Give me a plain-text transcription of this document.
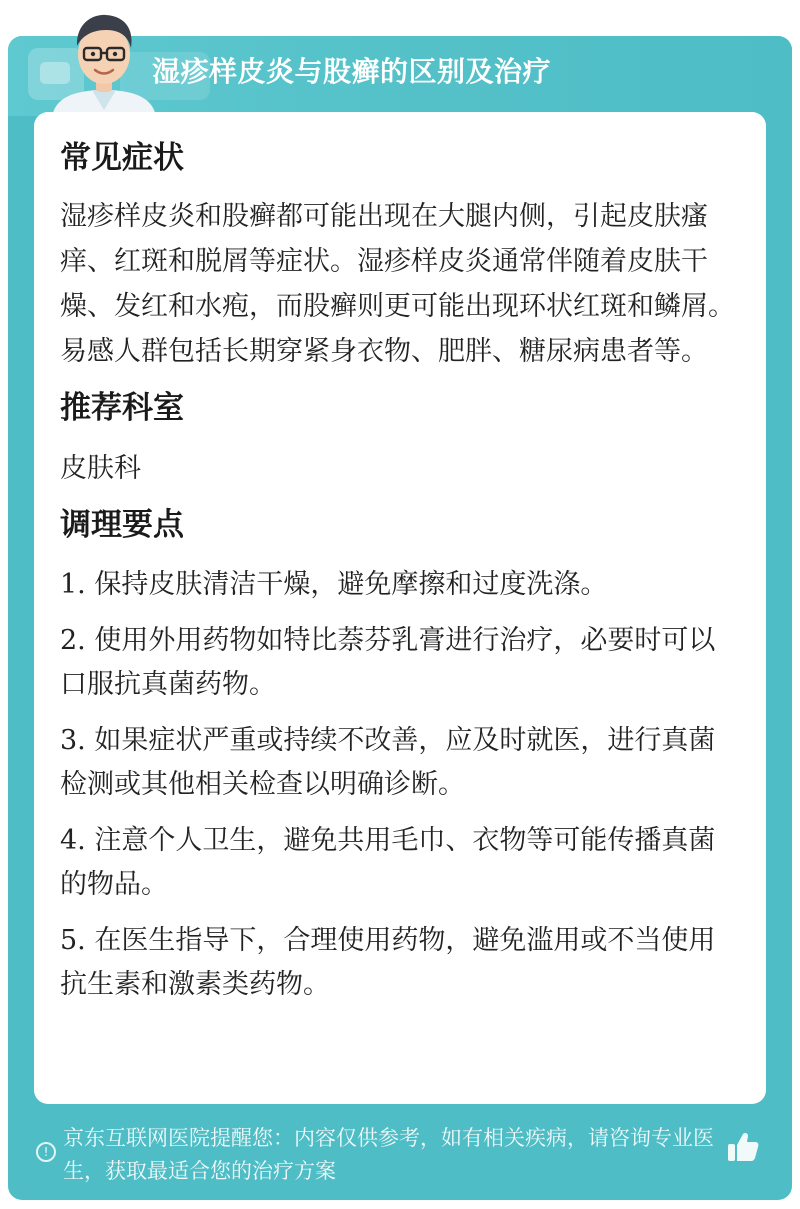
湿疹样皮炎与股癣的区别及治疗
常见症状
湿疹样皮炎和股癣都可能出现在大腿内侧，引起皮肤瘙痒、红斑和脱屑等症状。湿疹样皮炎通常伴随着皮肤干燥、发红和水疱，而股癣则更可能出现环状红斑和鳞屑。易感人群包括长期穿紧身衣物、肥胖、糖尿病患者等。
推荐科室
皮肤科
调理要点
1. 保持皮肤清洁干燥，避免摩擦和过度洗涤。
2. 使用外用药物如特比萘芬乳膏进行治疗，必要时可以口服抗真菌药物。
3. 如果症状严重或持续不改善，应及时就医，进行真菌检测或其他相关检查以明确诊断。
4. 注意个人卫生，避免共用毛巾、衣物等可能传播真菌的物品。
5. 在医生指导下，合理使用药物，避免滥用或不当使用抗生素和激素类药物。
!
京东互联网医院提醒您：内容仅供参考，如有相关疾病，请咨询专业医生，获取最适合您的治疗方案
